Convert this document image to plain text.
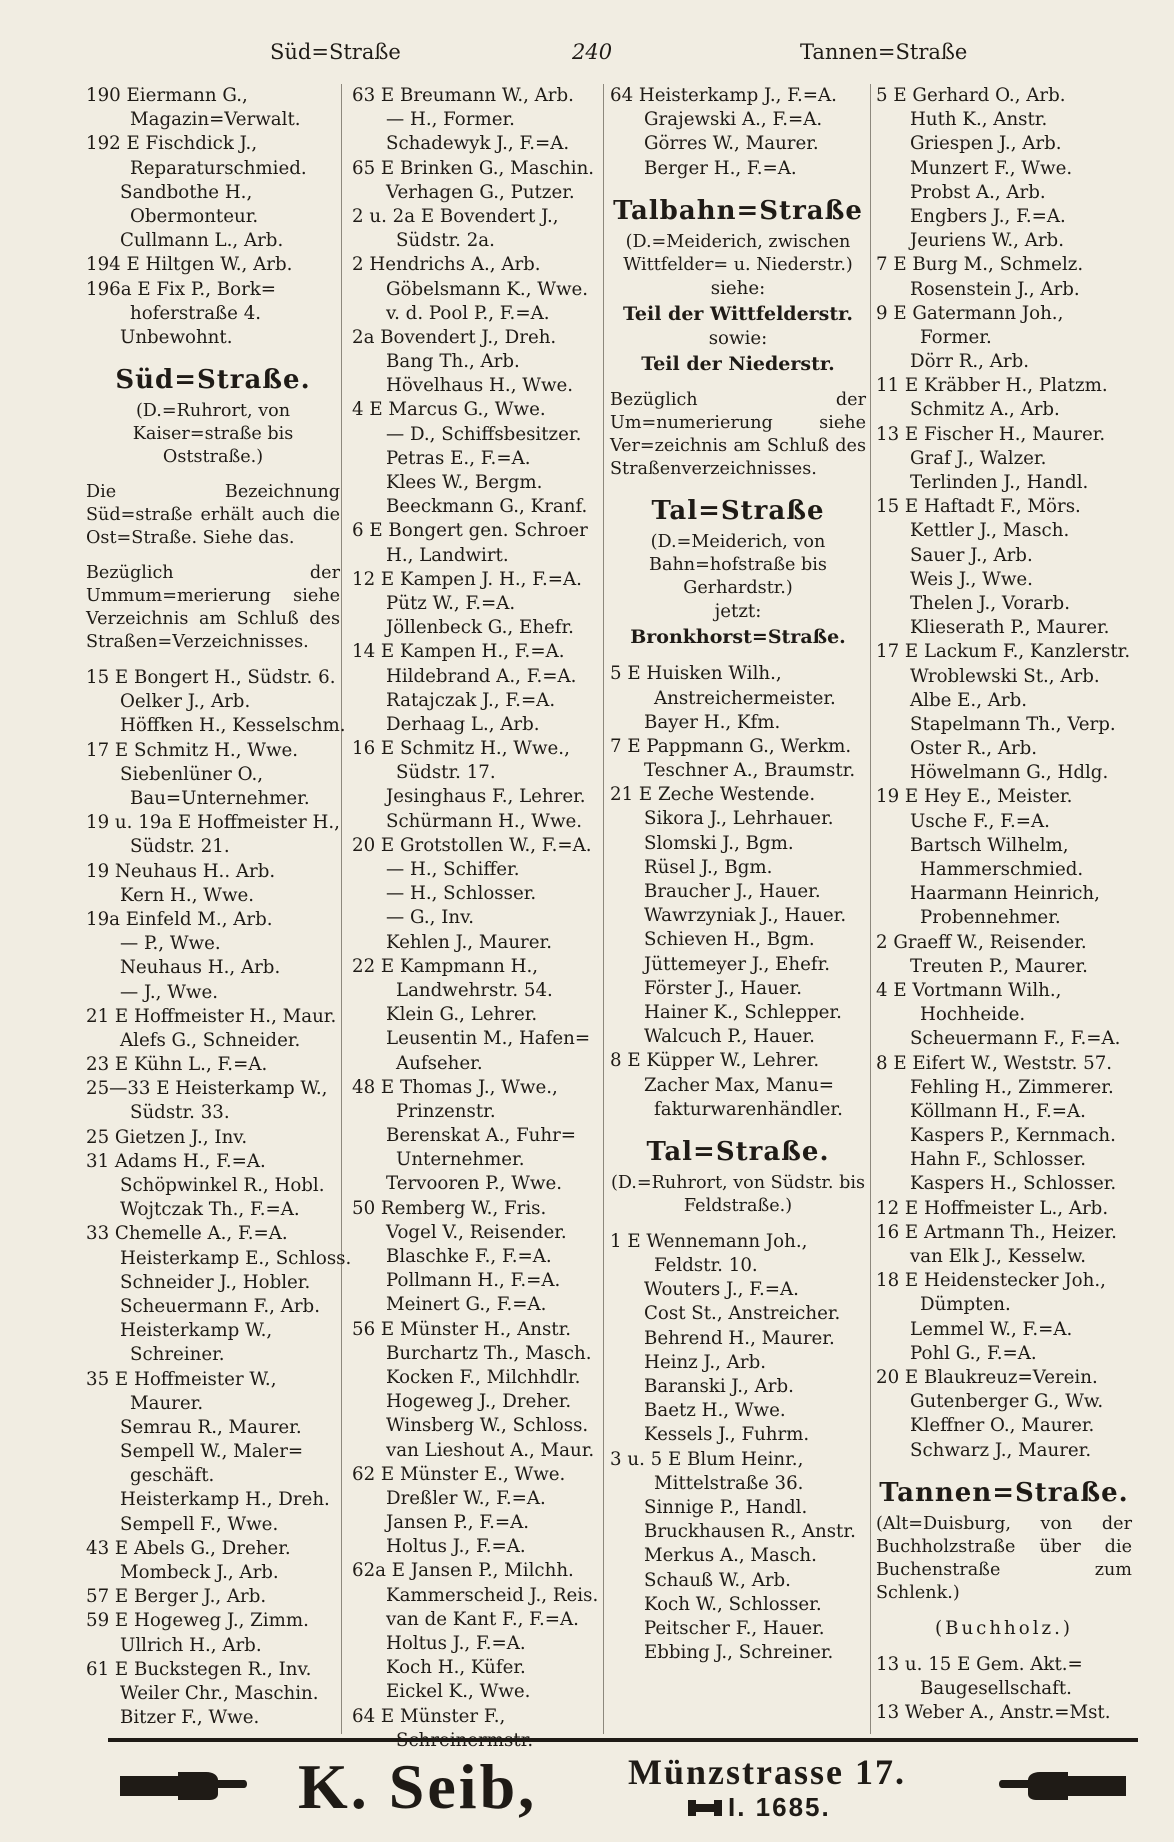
Süd=Straße	240	Tannen=Straße
190 Eiermann G.,
Magazin=Verwalt.
192 E Fischdick J.,
Reparaturschmied.
Sandbothe H.,
Obermonteur.
Cullmann L., Arb.
194 E Hiltgen W., Arb.
196a E Fix P., Bork=
hoferstraße 4.
Unbewohnt.
Süd=Straße.
(D.=Ruhrort, von Kaiser=straße bis Oststraße.)
Die Bezeichnung Süd=straße erhält auch die Ost=Straße. Siehe das.
Bezüglich der Ummum=merierung siehe Verzeichnis am Schluß des Straßen=Verzeichnisses.
15 E Bongert H., Südstr. 6.
Oelker J., Arb.
Höffken H., Kesselschm.
17 E Schmitz H., Wwe.
Siebenlüner O.,
Bau=Unternehmer.
19 u. 19a E Hoffmeister H.,
Südstr. 21.
19 Neuhaus H.. Arb.
Kern H., Wwe.
19a Einfeld M., Arb.
— P., Wwe.
Neuhaus H., Arb.
— J., Wwe.
21 E Hoffmeister H., Maur.
Alefs G., Schneider.
23 E Kühn L., F.=A.
25—33 E Heisterkamp W.,
Südstr. 33.
25 Gietzen J., Inv.
31 Adams H., F.=A.
Schöpwinkel R., Hobl.
Wojtczak Th., F.=A.
33 Chemelle A., F.=A.
Heisterkamp E., Schloss.
Schneider J., Hobler.
Scheuermann F., Arb.
Heisterkamp W.,
Schreiner.
35 E Hoffmeister W.,
Maurer.
Semrau R., Maurer.
Sempell W., Maler=
geschäft.
Heisterkamp H., Dreh.
Sempell F., Wwe.
43 E Abels G., Dreher.
Mombeck J., Arb.
57 E Berger J., Arb.
59 E Hogeweg J., Zimm.
Ullrich H., Arb.
61 E Buckstegen R., Inv.
Weiler Chr., Maschin.
Bitzer F., Wwe.
63 E Breumann W., Arb.
— H., Former.
Schadewyk J., F.=A.
65 E Brinken G., Maschin.
Verhagen G., Putzer.
2 u. 2a E Bovendert J.,
Südstr. 2a.
2 Hendrichs A., Arb.
Göbelsmann K., Wwe.
v. d. Pool P., F.=A.
2a Bovendert J., Dreh.
Bang Th., Arb.
Hövelhaus H., Wwe.
4 E Marcus G., Wwe.
— D., Schiffsbesitzer.
Petras E., F.=A.
Klees W., Bergm.
Beeckmann G., Kranf.
6 E Bongert gen. Schroer
H., Landwirt.
12 E Kampen J. H., F.=A.
Pütz W., F.=A.
Jöllenbeck G., Ehefr.
14 E Kampen H., F.=A.
Hildebrand A., F.=A.
Ratajczak J., F.=A.
Derhaag L., Arb.
16 E Schmitz H., Wwe.,
Südstr. 17.
Jesinghaus F., Lehrer.
Schürmann H., Wwe.
20 E Grotstollen W., F.=A.
— H., Schiffer.
— H., Schlosser.
— G., Inv.
Kehlen J., Maurer.
22 E Kampmann H.,
Landwehrstr. 54.
Klein G., Lehrer.
Leusentin M., Hafen=
Aufseher.
48 E Thomas J., Wwe.,
Prinzenstr.
Berenskat A., Fuhr=
Unternehmer.
Tervooren P., Wwe.
50 Remberg W., Fris.
Vogel V., Reisender.
Blaschke F., F.=A.
Pollmann H., F.=A.
Meinert G., F.=A.
56 E Münster H., Anstr.
Burchartz Th., Masch.
Kocken F., Milchhdlr.
Hogeweg J., Dreher.
Winsberg W., Schloss.
van Lieshout A., Maur.
62 E Münster E., Wwe.
Dreßler W., F.=A.
Jansen P., F.=A.
Holtus J., F.=A.
62a E Jansen P., Milchh.
Kammerscheid J., Reis.
van de Kant F., F.=A.
Holtus J., F.=A.
Koch H., Küfer.
Eickel K., Wwe.
64 E Münster F.,
64 Heisterkamp J., F.=A.
Grajewski A., F.=A.
Görres W., Maurer.
Berger H., F.=A.
Talbahn=Straße
(D.=Meiderich, zwischen Wittfelder= u. Niederstr.)
siehe:
Teil der Wittfelderstr.
sowie:
Teil der Niederstr.
Bezüglich der Um=numerierung siehe Ver=zeichnis am Schluß des Straßenverzeichnisses.
Tal=Straße
(D.=Meiderich, von Bahn=hofstraße bis Gerhardstr.)
jetzt:
Bronkhorst=Straße.
5 E Huisken Wilh.,
Anstreichermeister.
Bayer H., Kfm.
7 E Pappmann G., Werkm.
Teschner A., Braumstr.
21 E Zeche Westende.
Sikora J., Lehrhauer.
Slomski J., Bgm.
Rüsel J., Bgm.
Braucher J., Hauer.
Wawrzyniak J., Hauer.
Schieven H., Bgm.
Jüttemeyer J., Ehefr.
Förster J., Hauer.
Hainer K., Schlepper.
Walcuch P., Hauer.
8 E Küpper W., Lehrer.
Zacher Max, Manu=
fakturwarenhändler.
Tal=Straße.
(D.=Ruhrort, von Südstr. bis Feldstraße.)
1 E Wennemann Joh.,
Feldstr. 10.
Wouters J., F.=A.
Cost St., Anstreicher.
Behrend H., Maurer.
Heinz J., Arb.
Baranski J., Arb.
Baetz H., Wwe.
Kessels J., Fuhrm.
3 u. 5 E Blum Heinr.,
Mittelstraße 36.
Sinnige P., Handl.
Bruckhausen R., Anstr.
Merkus A., Masch.
Schauß W., Arb.
Koch W., Schlosser.
Peitscher F., Hauer.
Ebbing J., Schreiner.
5 E Gerhard O., Arb.
Huth K., Anstr.
Griespen J., Arb.
Munzert F., Wwe.
Probst A., Arb.
Engbers J., F.=A.
Jeuriens W., Arb.
7 E Burg M., Schmelz.
Rosenstein J., Arb.
9 E Gatermann Joh.,
Former.
Dörr R., Arb.
11 E Kräbber H., Platzm.
Schmitz A., Arb.
13 E Fischer H., Maurer.
Graf J., Walzer.
Terlinden J., Handl.
15 E Haftadt F., Mörs.
Kettler J., Masch.
Sauer J., Arb.
Weis J., Wwe.
Thelen J., Vorarb.
Klieserath P., Maurer.
17 E Lackum F., Kanzlerstr.
Wroblewski St., Arb.
Albe E., Arb.
Stapelmann Th., Verp.
Oster R., Arb.
Höwelmann G., Hdlg.
19 E Hey E., Meister.
Usche F., F.=A.
Bartsch Wilhelm,
Hammerschmied.
Haarmann Heinrich,
Probennehmer.
2 Graeff W., Reisender.
Treuten P., Maurer.
4 E Vortmann Wilh.,
Hochheide.
Scheuermann F., F.=A.
8 E Eifert W., Weststr. 57.
Fehling H., Zimmerer.
Köllmann H., F.=A.
Kaspers P., Kernmach.
Hahn F., Schlosser.
Kaspers H., Schlosser.
12 E Hoffmeister L., Arb.
16 E Artmann Th., Heizer.
van Elk J., Kesselw.
18 E Heidenstecker Joh.,
Dümpten.
Lemmel W., F.=A.
Pohl G., F.=A.
20 E Blaukreuz=Verein.
Gutenberger G., Ww.
Kleffner O., Maurer.
Schwarz J., Maurer.
Tannen=Straße.
(Alt=Duisburg, von der Buchholzstraße über die Buchenstraße zum Schlenk.)
(Buchholz.)
13 u. 15 E Gem. Akt.=
Baugesellschaft.
13 Weber A., Anstr.=Mst.
K. Seib,	Münzstrasse 17.
I. 1685.
